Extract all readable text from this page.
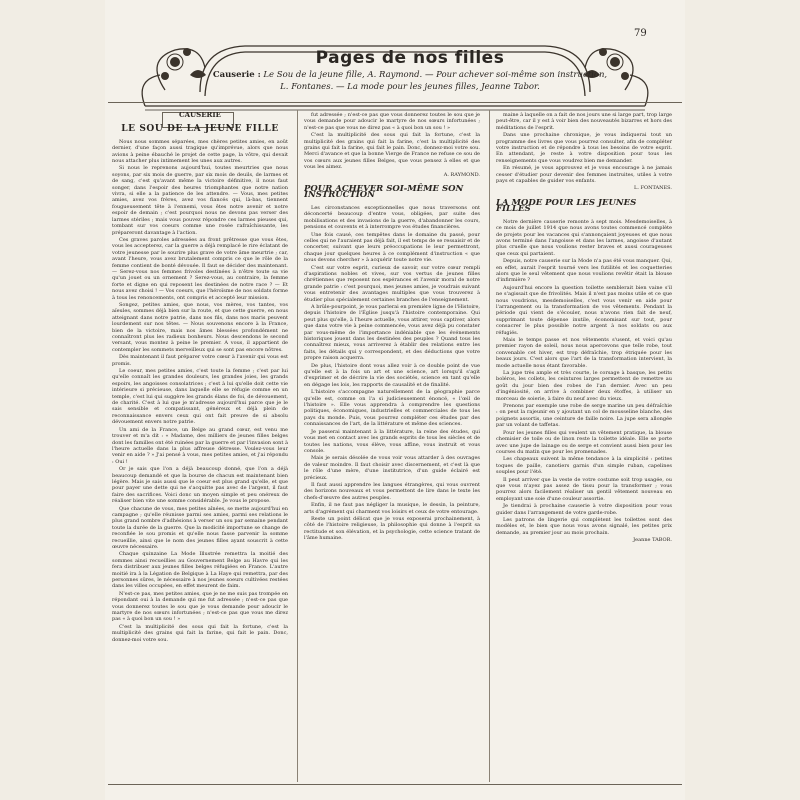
79
Pages de nos filles
Causerie : Le Sou de la jeune fille, A. Raymond. — Pour achever soi-même son instruction,
L. Fontanes. — La mode pour les jeunes filles, Jeanne Tabor.

CAUSERIE

LE SOU DE LA JEUNE FILLE

Nous nous sommes séparées, mes chères petites amies, en août dernier, d'une façon aussi tragique qu'imprévue, alors que nous avions à peine ébauché le projet de cette page, la vôtre, qui devait nous attacher plus intimement les unes aux autres.

Si nous le reprenons aujourd'hui, toutes meurtries que nous soyons, par six mois de guerre, par six mois de deuils, de larmes et de sang, c'est qu'avant même la victoire définitive, il nous faut songer, dans l'espoir des heures triomphantes que notre nation vivra, si elle a la patience de les attendre. — Vous, mes petites amies, avez vos frères, avez vos fiancés qui, là-bas, tiennent fougueusement tête à l'ennemi, vous êtes notre avenir et notre espoir de demain ; c'est pourquoi nous ne devons pas verser des larmes stériles ; mais vous pouvez répondre ces larmes pieuses qui, tombant sur vos coeurs comme une rosée rafraîchissante, les prépareront davantage à l'action.

Ces graves paroles adressées au front prêtresse que vous êtes, vous les accepterez, car la guerre a déjà remplacé le rire éclatant de votre jeunesse par le sourire plus grave de votre âme meurtrie ; car, avant l'heure, vous avez brutalement compris ce que le rôle de la femme contient de bonté dévouée. Il faut se décider des maintenant. — Serez-vous nos femmes frivoles destinées à n'être toute sa vie qu'un jouet ou un ornement ? Serez-vous, au contraire, la femme forte et digne en qui reposent les destinées de notre race ? — Et nous avez choisi ! — Vos coeurs, que l'héroïsme de nos soldats forme à tous les renoncements, ont compris et accepté leur mission.

Songez, petites amies, que nous, vos mères, vos tantes, vos aïeules, sommes déjà bien sur la route, et que cette guerre, en nous atteignant dans notre patrie, dans nos fils, dans nos maris peuvent lourdement sur nos têtes. — Nous souvenons encore à la France, bien de la victoire, mais nos âmes blessées profondément ne connaîtront plus les radieux bonheurs. Nous descendons le second versant, vous montez à peine le premier. A vous, il appartient de contempler les sommets merveilleux qui se sont pas encore nôtres.

Dès maintenant il faut préparer votre cœur à l'avenir qui vous est promis.

Le coeur, mes petites amies, c'est toute la femme ; c'est par lui qu'elle connaît les grandes douleurs, les grandes joies, les grands espoirs, les angoisses consolatrices ; c'est à lui qu'elle doit cette vie intérieure si précieuse, dans laquelle elle se réfugie comme en un temple, c'est lui qui suggère les grands élans de foi, de dévouement, de charité. C'est à lui que je m'adresse aujourd'hui parce que je le sais sensible et compatissant, généreux et déjà plein de reconnaissance envers ceux qui ont fait preuve de si absolu dévouement envers notre patrie.

Un ami de la France, un Belge au grand cœur, est venu me trouver et m'a dit : « Madame, des milliers de jeunes filles belges dont les familles ont été ruinées par la guerre et par l'invasion sont à l'heure actuelle dans la plus affreuse détresse. Voulez-vous leur venir en aide ? » J'ai pensé à vous, mes petites amies, et j'ai répondu : Oui !

Or je sais que l'on a déjà beaucoup donné, que l'on a déjà beaucoup demandé et que la bourse de chacun est maintenant bien légère. Mais je sais aussi que le coeur est plus grand qu'elle, et que pour payer une dette qui ne s'acquitte pas avec de l'argent, il faut faire des sacrifices. Voici donc un moyen simple et peu onéreux de réaliser bien vite une somme considérable. Je vous le propose.

Que chacune de vous, mes petites aînées, se mette aujourd'hui en campagne ; qu'elle réunisse parmi ses amies, parmi ses relations le plus grand nombre d'adhésions à verser un sou par semaine pendant toute la durée de la guerre. Que la modicité importune se change de reconfiée le sou promis et qu'elle nous fasse parvenir la somme recueillie, ainsi que le nom des jeunes filles ayant souscrit à cette œuvre nécessaire.

Chaque quinzaine La Mode Illustrée remettra la moitié des sommes ainsi recueillies au Gouvernement Belge au Havre qui les fera distribuer aux jeunes filles belges réfugiées en France. L'autre moitié ira à la Légation de Belgique à La Haye qui remettra, par des personnes sûres, le nécessaire à nos jeunes soeurs cultivées restées dans les villes occupées, en effet meurent de faim.

N'est-ce pas, mes petites amies, que je ne me suis pas trompée en répondant oui à la demande qui me fut adressée ; n'est-ce pas que vous donnerez toutes le sou que je vous demande pour adoucir le martyre de nos sœurs infortunées ; n'est-ce pas que vous me direz pas « à quoi bon un sou ! »

C'est la multiplicité des sous qui fait la fortune, c'est la multiplicité des grains qui fait la farine, qui fait le pain. Donc, donnez-moi votre sou.

fut adressée ; n'est-ce pas que vous donnerez toutes le sou que je vous demande pour adoucir le martyre de nos sœurs infortunées ; n'est-ce pas que vous ne direz pas « à quoi bon un sou ! »

C'est la multiplicité des sous qui fait la fortune, c'est la multiplicité des grains qui fait la farine, c'est la multiplicité des grains qui fait la farine, qui fait le pain. Donc, donnez-moi votre sou. Merci d'avance et que la bonne Vierge de France ne refuse ce sou de vos cœurs aux jeunes filles Belges, que vous pensez à elles et que vous les aimez.

A. RAYMOND.

POUR ACHEVER SOI-MÊME SON INSTRUCTION

Les circonstances exceptionnelles que nous traversons ont déconcerté beaucoup d'entre vous, obligées, par suite des mobilisations et des invasions de la guerre, d'abandonner les cours, pensions et couvents et à interrompre vos études financières.

Une fois causé, ces tempêtes dans le domaine du passé, pour celles qui ne l'auraient pas déjà fait, il est temps de se ressaisir et de concerter, suivant que leurs préoccupations le leur permettront, chaque jour quelques heures à ce complément d'instruction « que nous devons chercher » à acquérir toute notre vie.

C'est sur votre esprit, curieux de savoir, sur votre cœur rempli d'aspirations nobles et vives, sur vos vertus de jeunes filles chrétiennes que reposent nos espérances et l'avenir moral de notre grande patrie : c'est pourquoi, mes jeunes amies, je voudrais suivant vous entretenir des avantages multiples que vous trouverez à étudier plus spécialement certaines branches de l'enseignement.

A brûle-pourpoint, je vous parlerai en première ligne de l'Histoire, depuis l'histoire de l'Église jusqu'à l'histoire contemporaine. Qui peut plus qu'elle, à l'heure actuelle, vous attirer, vous captiver, alors que dans votre vie à peine commencée, vous avez déjà pu constater par vous-même de l'importance indéniable que les événements historiques jouent dans les destinées des peuples ? Quand tous les connaîtrez mieux, vous arriverez à établir des relations entre les faits, les détails qui y correspondent, et des déductions que votre propre raison acquerra.

De plus, l'histoire dont vous allez voir à ce double point de vue qu'elle est à la fois un art et une science, art lorsqu'il s'agit d'exprimer et de décrire la vie des sociétés, science en tant qu'elle en dégage les lois, les rapports de causalité et de finalité.

L'histoire s'accompagne naturellement de la géographie parce qu'elle est, comme on l'a si judicieusement énoncé, « l'œil de l'histoire ». Elle vous apprendra à comprendre les questions politiques, économiques, industrielles et commerciales de tous les pays du monde. Puis, vous pourrez compléter ces études par des connaissances de l'art, de la littérature et même des sciences.

Je passerai maintenant à la littérature, la reine des études, qui vous met en contact avec les grands esprits de tous les siècles et de toutes les nations, vous élève, vous affine, vous instruit et vous console.

Mais je serais désolée de vous voir vous attarder à des ouvrages de valeur moindre. Il faut choisir avec discernement, et c'est là que le rôle d'une mère, d'une institutrice, d'un guide éclairé est précieux.

Il faut aussi apprendre les langues étrangères, qui vous ouvrent des horizons nouveaux et vous permettent de lire dans le texte les chefs-d'œuvre des autres peuples.

Enfin, il ne faut pas négliger la musique, le dessin, la peinture, arts d'agrément qui charment vos loisirs et ceux de votre entourage.

Reste un point délicat que je vous exposerai prochainement, à côté de l'histoire religieuse, la philosophie qui donne à l'esprit sa rectitude et son élévation, et la psychologie, cette science tratant de l'âme humaine.

maine à laquelle on a fait de nos jours une si large part, trop large peut-être, car il y est à voir bien des nouveautés bizarres et hors des méditations de l'esprit.

Dans une prochaine chronique, je vous indiquerai tout un programme des livres que vous pourrez consulter, afin de compléter votre instruction et de répondre à tous les besoins de votre esprit. En attendant, je reste à votre disposition pour tous les renseignements que vous voudrez bien me demander.

En résumé, je vous approuvez et je vous encourage à ne jamais cesser d'étudier pour devenir des femmes instruites, utiles à votre pays et capables de guider vos enfants.

L. FONTANES.

LA MODE POUR LES JEUNES FILLES

Notre dernière causerie remonte à sept mois. Mesdemoiselles, à ce mois de juillet 1914 que nous avons toutes commencé complète de projets pour les vacances qui s'annonçaient joyeuses et que nous avons terminé dans l'angoisse et dans les larmes, angoisse d'autant plus cruelle que nous voulions rester braves et aussi courageuses que ceux qui partaient.

Depuis, notre causerie sur la Mode n'a pas été vous manquer. Qui, en effet, aurait l'esprit tourné vers les futilités et les coquetteries alors que le seul vêtement que nous voulions revêtir était la blouse d'infirmière ?

Aujourd'hui encore la question toilette semblerait bien vaine s'il ne s'agissait que de frivolités. Mais il n'est pas moins utile et ce que nous voudrions, mesdemoiselles, c'est vous venir en aide pour l'arrangement ou la transformation de vos vêtements. Pendant la période qui vient de s'écouler, nous n'avons rien fait de neuf, supprimant toute dépense inutile, économisant sur tout, pour consacrer le plus possible notre argent à nos soldats ou aux réfugiés.

Mais le temps passe et nos vêtements s'usent, et voici qu'au premier rayon de soleil, nous nous apercevons que telle robe, tout convenable cet hiver, est trop défraîchie, trop étriquée pour les beaux jours. C'est alors que l'art de la transformation intervient, la mode actuelle nous étant favorable.

La jupe très ample et très courte, le corsage à basque, les petits boléros, les collets, les ceintures larges permettent de remettre au goût du jour bien des robes de l'an dernier. Avec un peu d'ingéniosité, on arrive à combiner deux étoffes, à utiliser un morceau de soierie, à faire du neuf avec du vieux.

Prenons par exemple une robe de serge marine un peu défraîchie : on peut la rajeunir en y ajoutant un col de mousseline blanche, des poignets assortis, une ceinture de faille noire. La jupe sera allongée par un volant de taffetas.

Pour les jeunes filles qui veulent un vêtement pratique, la blouse chemisier de toile ou de linon reste la toilette idéale. Elle se porte avec une jupe de lainage ou de serge et convient aussi bien pour les courses du matin que pour les promenades.

Les chapeaux suivent la même tendance à la simplicité : petites toques de paille, canotiers garnis d'un simple ruban, capelines souples pour l'été.

Il peut arriver que la veste de votre costume soit trop usagée, ou que vous n'ayez pas assez de tissu pour la transformer ; vous pourrez alors facilement réaliser un gentil vêtement nouveau en employant une soie d'une couleur assortie.

Je tiendrai à prochaine causerie à votre disposition pour vous guider dans l'arrangement de votre garde-robe.

Les patrons de lingerie qui complètent les toilettes sont des modèles et, le bien que nous vous avons signalé, les petites prix demande, au premier jour au mois prochain.

Jeanne TABOR.
